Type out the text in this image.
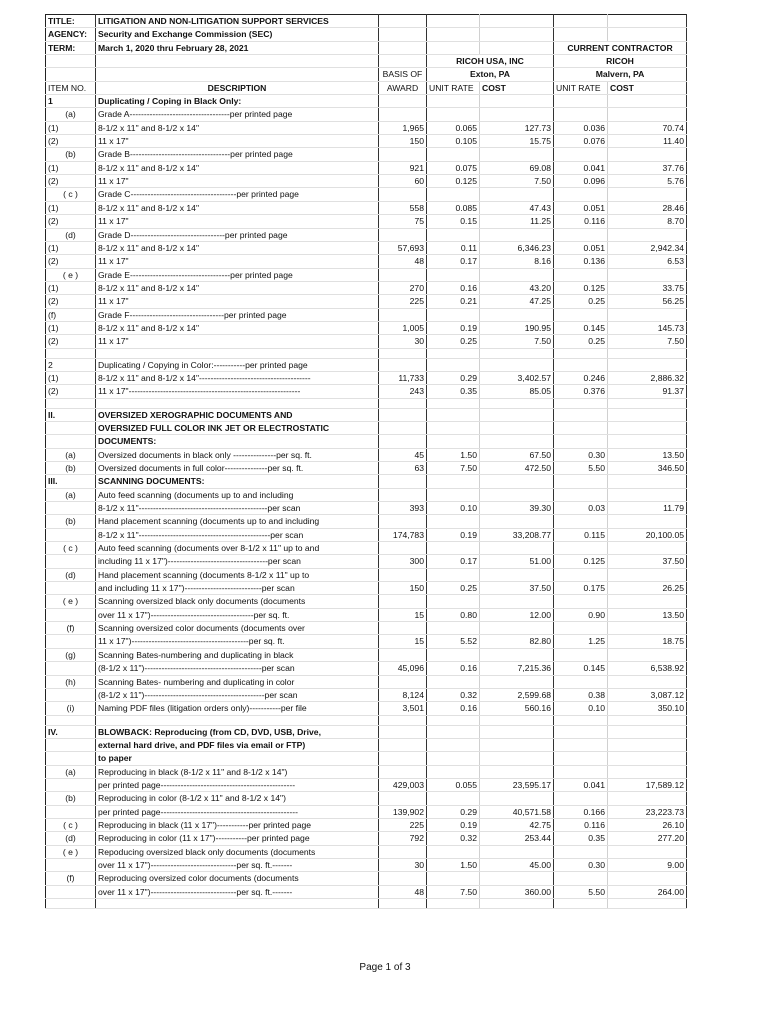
TITLE:	LITIGATION AND NON-LITIGATION SUPPORT SERVICES					
AGENCY:	Security and Exchange Commission (SEC)					
TERM:	March 1, 2020 thru February 28, 2021				CURRENT CONTRACTOR	
			RICOH USA, INC		RICOH	
		BASIS OF	Exton, PA		Malvern, PA	
ITEM NO.	DESCRIPTION	AWARD	UNIT RATE	COST	UNIT RATE	COST
1	Duplicating / Coping in Black Only:					
(a)	Grade A-----------------------------------per printed page					
(1)	8-1/2 x 11" and 8-1/2 x 14"	1,965	0.065	127.73	0.036	70.74
(2)	11 x 17"	150	0.105	15.75	0.076	11.40
(b)	Grade B-----------------------------------per printed page					
(1)	8-1/2 x 11" and 8-1/2 x 14"	921	0.075	69.08	0.041	37.76
(2)	11 x 17"	60	0.125	7.50	0.096	5.76
( c )	Grade C-------------------------------------per printed page					
(1)	8-1/2 x 11" and 8-1/2 x 14"	558	0.085	47.43	0.051	28.46
(2)	11 x 17"	75	0.15	11.25	0.116	8.70
(d)	Grade D---------------------------------per printed page					
(1)	8-1/2 x 11" and 8-1/2 x 14"	57,693	0.11	6,346.23	0.051	2,942.34
(2)	11 x 17"	48	0.17	8.16	0.136	6.53
( e )	Grade E-----------------------------------per printed page					
(1)	8-1/2 x 11" and 8-1/2 x 14"	270	0.16	43.20	0.125	33.75
(2)	11 x 17"	225	0.21	47.25	0.25	56.25
(f)	Grade F---------------------------------per printed page					
(1)	8-1/2 x 11" and 8-1/2 x 14"	1,005	0.19	190.95	0.145	145.73
(2)	11 x 17"	30	0.25	7.50	0.25	7.50

2	Duplicating / Copying in Color:-----------per printed page					
(1)	8-1/2 x 11" and 8-1/2 x 14"---------------------------------------	11,733	0.29	3,402.57	0.246	2,886.32
(2)	11 x 17"------------------------------------------------------------	243	0.35	85.05	0.376	91.37

II.	OVERSIZED XEROGRAPHIC DOCUMENTS AND					
	OVERSIZED FULL COLOR INK JET OR ELECTROSTATIC					
	DOCUMENTS:					
(a)	Oversized documents in black only ---------------per sq. ft.	45	1.50	67.50	0.30	13.50
(b)	Oversized documents in full color---------------per sq. ft.	63	7.50	472.50	5.50	346.50
III.	SCANNING DOCUMENTS:					
(a)	Auto feed scanning (documents up to and including					
	8-1/2 x 11"---------------------------------------------per scan	393	0.10	39.30	0.03	11.79
(b)	Hand placement scanning (documents up to and including					
	8-1/2 x 11"----------------------------------------------per scan	174,783	0.19	33,208.77	0.115	20,100.05
( c )	Auto feed scanning (documents over 8-1/2 x 11" up to and					
	including 11 x 17")-----------------------------------per scan	300	0.17	51.00	0.125	37.50
(d)	Hand placement scanning (documents 8-1/2 x 11" up to					
	and including 11 x 17")---------------------------per scan	150	0.25	37.50	0.175	26.25
( e )	Scanning oversized black only documents (documents					
	over 11 x 17")------------------------------------per sq. ft.	15	0.80	12.00	0.90	13.50
(f)	Scanning oversized color documents (documents over					
	11 x 17")-----------------------------------------per sq. ft.	15	5.52	82.80	1.25	18.75
(g)	Scanning Bates-numbering and duplicating in black					
	(8-1/2 x 11")-----------------------------------------per scan	45,096	0.16	7,215.36	0.145	6,538.92
(h)	Scanning Bates- numbering and duplicating in color					
	(8-1/2 x 11")------------------------------------------per scan	8,124	0.32	2,599.68	0.38	3,087.12
(i)	Naming PDF files (litigation orders only)-----------per file	3,501	0.16	560.16	0.10	350.10

IV.	BLOWBACK: Reproducing (from CD, DVD, USB, Drive,					
	external hard drive, and PDF files via email or FTP)					
	to paper					
(a)	Reproducing in black (8-1/2 x 11" and 8-1/2 x 14")					
	per printed page-----------------------------------------------	429,003	0.055	23,595.17	0.041	17,589.12
(b)	Reproducing in color (8-1/2 x 11" and 8-1/2 x 14")					
	per printed page------------------------------------------------	139,902	0.29	40,571.58	0.166	23,223.73
( c )	Reproducing in black (11 x 17")-----------per printed page	225	0.19	42.75	0.116	26.10
(d)	Reproducing in color (11 x 17")-----------per printed page	792	0.32	253.44	0.35	277.20
( e )	Repoducing oversized black only documents (documents					
	over 11 x 17")------------------------------per sq. ft.-------	30	1.50	45.00	0.30	9.00
(f)	Reproducing oversized color documents (documents					
	over 11 x 17")------------------------------per sq. ft.-------	48	7.50	360.00	5.50	264.00

Page 1 of 3
